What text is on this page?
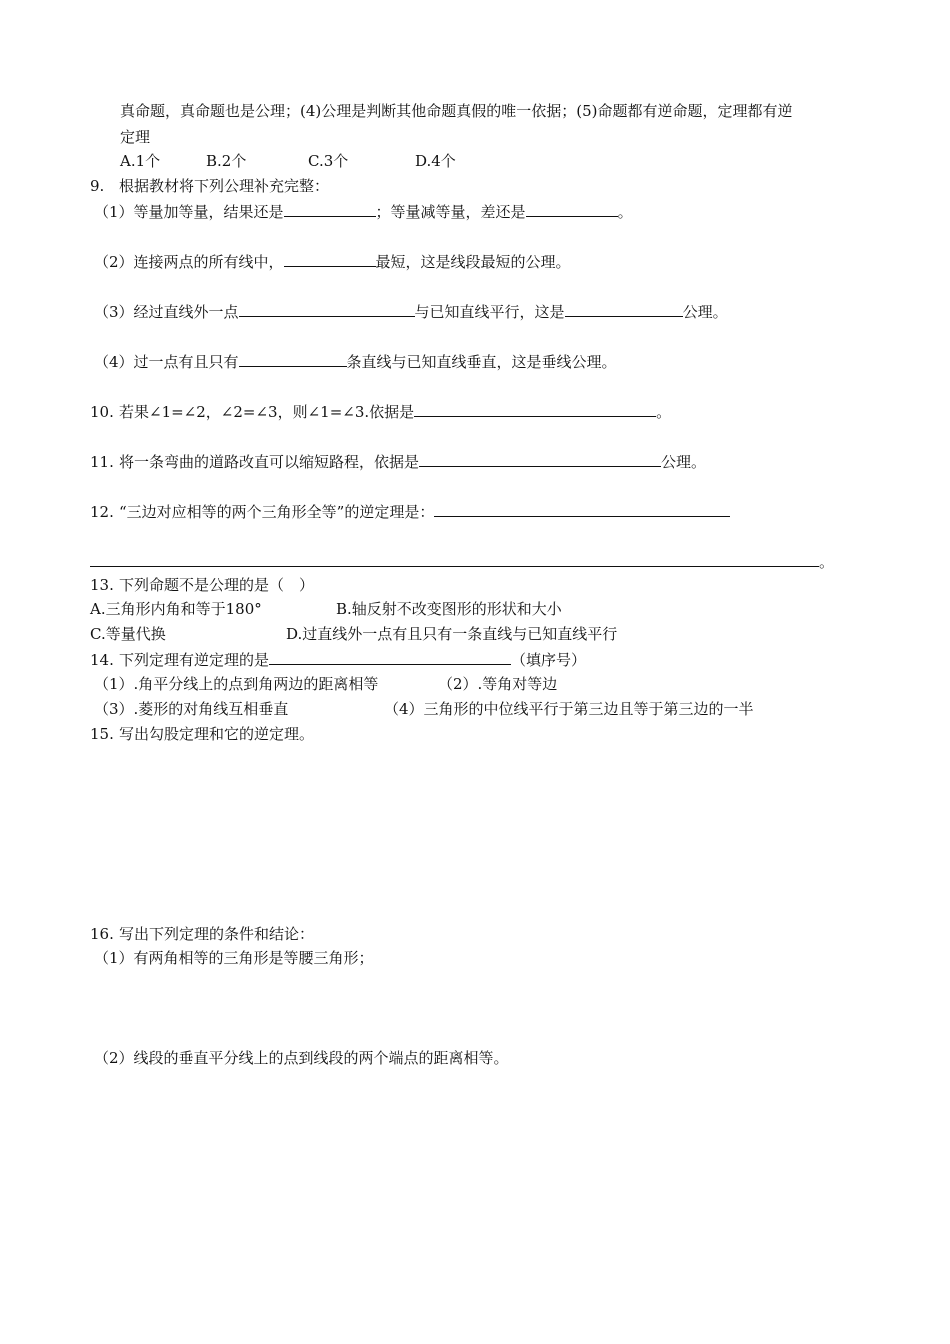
真命题，真命题也是公理；(4)公理是判断其他命题真假的唯一依据；(5)命题都有逆命题，定理都有逆
定理
A.1个	B.2个	C.3个	D.4个
9. 根据教材将下列公理补充完整：
（1）等量加等量，结果还是	；等量减等量，差还是	。
（2）连接两点的所有线中，	最短，这是线段最短的公理。
（3）经过直线外一点	与已知直线平行，这是	公理。
（4）过一点有且只有	条直线与已知直线垂直，这是垂线公理。
10. 若果∠1=∠2，∠2=∠3，则∠1=∠3.依据是	。
11. 将一条弯曲的道路改直可以缩短路程，依据是	公理。
12. “三边对应相等的两个三角形全等”的逆定理是：
。
13. 下列命题不是公理的是（　）
A.三角形内角和等于180°	B.轴反射不改变图形的形状和大小
C.等量代换	D.过直线外一点有且只有一条直线与已知直线平行
14. 下列定理有逆定理的是	（填序号）
（1）.角平分线上的点到角两边的距离相等	（2）.等角对等边
（3）.菱形的对角线互相垂直	（4）三角形的中位线平行于第三边且等于第三边的一半
15. 写出勾股定理和它的逆定理。
16. 写出下列定理的条件和结论：
（1）有两角相等的三角形是等腰三角形；
（2）线段的垂直平分线上的点到线段的两个端点的距离相等。
